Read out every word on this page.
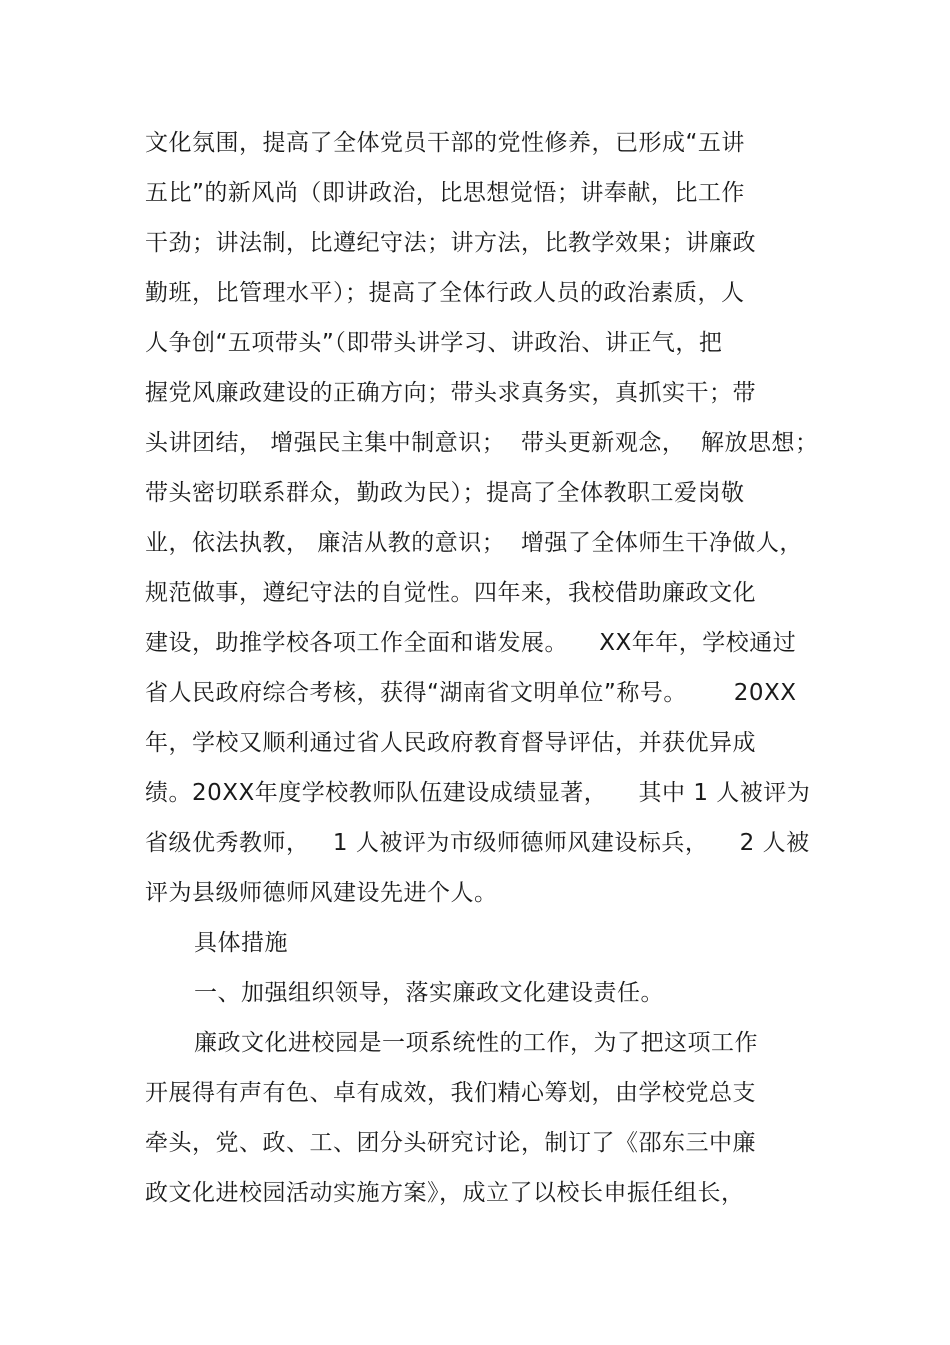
文化氛围，提高了全体党员干部的党性修养，已形成“五讲
五比”的新风尚（即讲政治，比思想觉悟；讲奉献，比工作
干劲；讲法制，比遵纪守法；讲方法，比教学效果；讲廉政
勤班，比管理水平）；提高了全体行政人员的政治素质，人
人争创“五项带头”（即带头讲学习、讲政治、讲正气，把
握党风廉政建设的正确方向；带头求真务实，真抓实干；带
头讲团结， 增强民主集中制意识；  带头更新观念，  解放思想；
带头密切联系群众，勤政为民）；提高了全体教职工爱岗敬
业，依法执教， 廉洁从教的意识；  增强了全体师生干净做人，
规范做事，遵纪守法的自觉性。四年来，我校借助廉政文化
建设，助推学校各项工作全面和谐发展。    XX年年，学校通过
省人民政府综合考核，获得“湖南省文明单位”称号。      20XX
年，学校又顺利通过省人民政府教育督导评估，并获优异成
绩。20XX年度学校教师队伍建设成绩显著，    其中 1 人被评为
省级优秀教师，   1 人被评为市级师德师风建设标兵，    2 人被
评为县级师德师风建设先进个人。
具体措施
一、加强组织领导，落实廉政文化建设责任。
廉政文化进校园是一项系统性的工作，为了把这项工作
开展得有声有色、卓有成效，我们精心筹划，由学校党总支
牵头，党、政、工、团分头研究讨论，制订了《邵东三中廉
政文化进校园活动实施方案》，成立了以校长申振任组长，
